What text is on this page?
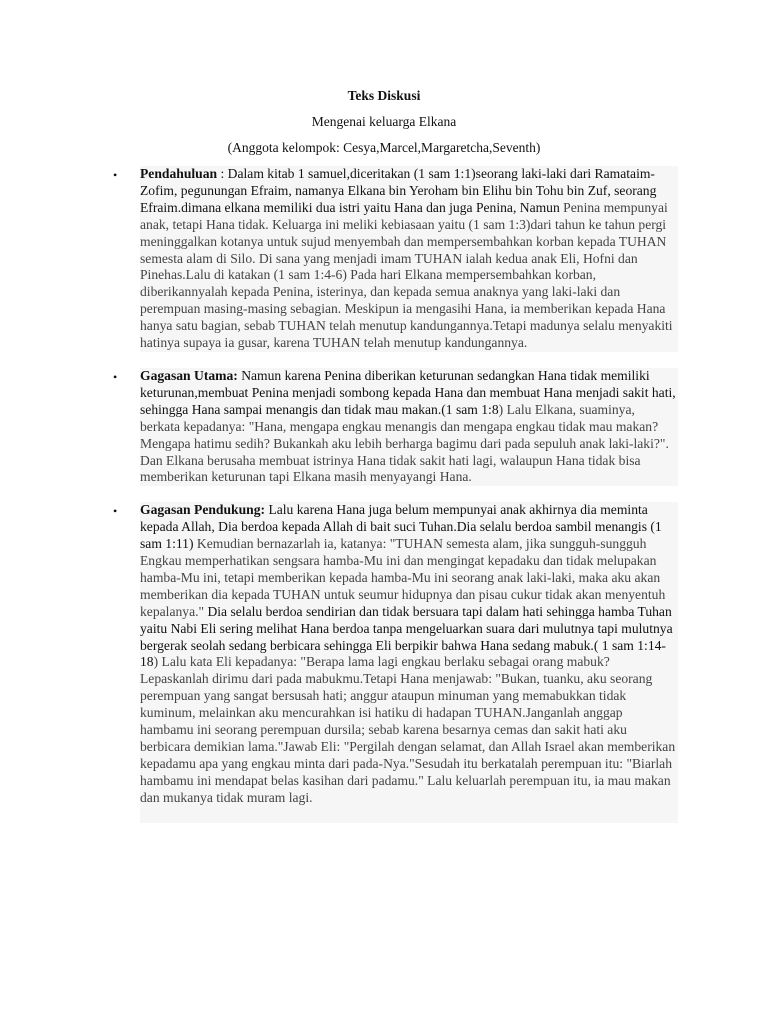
Teks Diskusi
Mengenai keluarga Elkana
(Anggota kelompok: Cesya,Marcel,Margaretcha,Seventh)
• Pendahuluan : Dalam kitab 1 samuel,diceritakan (1 sam 1:1)seorang laki-laki dari Ramataim-Zofim, pegunungan Efraim, namanya Elkana bin Yeroham bin Elihu bin Tohu bin Zuf, seorang Efraim.dimana elkana memiliki dua istri yaitu Hana dan juga Penina, Namun Penina mempunyai anak, tetapi Hana tidak. Keluarga ini meliki kebiasaan yaitu (1 sam 1:3)dari tahun ke tahun pergi meninggalkan kotanya untuk sujud menyembah dan mempersembahkan korban kepada TUHAN semesta alam di Silo. Di sana yang menjadi imam TUHAN ialah kedua anak Eli, Hofni dan Pinehas.Lalu di katakan (1 sam 1:4-6) Pada hari Elkana mempersembahkan korban, diberikannyalah kepada Penina, isterinya, dan kepada semua anaknya yang laki-laki dan perempuan masing-masing sebagian. Meskipun ia mengasihi Hana, ia memberikan kepada Hana hanya satu bagian, sebab TUHAN telah menutup kandungannya.Tetapi madunya selalu menyakiti hatinya supaya ia gusar, karena TUHAN telah menutup kandungannya.
• Gagasan Utama: Namun karena Penina diberikan keturunan sedangkan Hana tidak memiliki keturunan,membuat Penina menjadi sombong kepada Hana dan membuat Hana menjadi sakit hati, sehingga Hana sampai menangis dan tidak mau makan.(1 sam 1:8) Lalu Elkana, suaminya, berkata kepadanya: "Hana, mengapa engkau menangis dan mengapa engkau tidak mau makan? Mengapa hatimu sedih? Bukankah aku lebih berharga bagimu dari pada sepuluh anak laki-laki?". Dan Elkana berusaha membuat istrinya Hana tidak sakit hati lagi, walaupun Hana tidak bisa memberikan keturunan tapi Elkana masih menyayangi Hana.
• Gagasan Pendukung: Lalu karena Hana juga belum mempunyai anak akhirnya dia meminta kepada Allah, Dia berdoa kepada Allah di bait suci Tuhan.Dia selalu berdoa sambil menangis (1 sam 1:11) Kemudian bernazarlah ia, katanya: "TUHAN semesta alam, jika sungguh-sungguh Engkau memperhatikan sengsara hamba-Mu ini dan mengingat kepadaku dan tidak melupakan hamba-Mu ini, tetapi memberikan kepada hamba-Mu ini seorang anak laki-laki, maka aku akan memberikan dia kepada TUHAN untuk seumur hidupnya dan pisau cukur tidak akan menyentuh kepalanya." Dia selalu berdoa sendirian dan tidak bersuara tapi dalam hati sehingga hamba Tuhan yaitu Nabi Eli sering melihat Hana berdoa tanpa mengeluarkan suara dari mulutnya tapi mulutnya bergerak seolah sedang berbicara sehingga Eli berpikir bahwa Hana sedang mabuk.( 1 sam 1:14-18) Lalu kata Eli kepadanya: "Berapa lama lagi engkau berlaku sebagai orang mabuk? Lepaskanlah dirimu dari pada mabukmu.Tetapi Hana menjawab: "Bukan, tuanku, aku seorang perempuan yang sangat bersusah hati; anggur ataupun minuman yang memabukkan tidak kuminum, melainkan aku mencurahkan isi hatiku di hadapan TUHAN.Janganlah anggap hambamu ini seorang perempuan dursila; sebab karena besarnya cemas dan sakit hati aku berbicara demikian lama."Jawab Eli: "Pergilah dengan selamat, dan Allah Israel akan memberikan kepadamu apa yang engkau minta dari pada-Nya."Sesudah itu berkatalah perempuan itu: "Biarlah hambamu ini mendapat belas kasihan dari padamu." Lalu keluarlah perempuan itu, ia mau makan dan mukanya tidak muram lagi.
